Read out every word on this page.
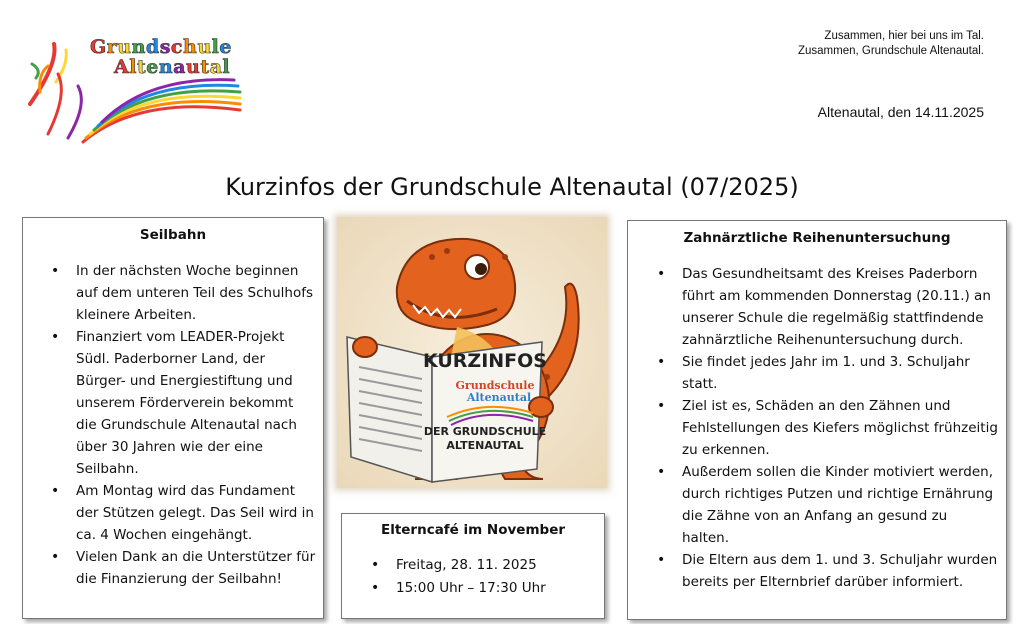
Grundschule
Altenautal
Zusammen, hier bei uns im Tal.
Zusammen, Grundschule Altenautal.
Altenautal, den 14.11.2025
Kurzinfos der Grundschule Altenautal (07/2025)
Seilbahn
• In der nächsten Woche beginnen auf dem unteren Teil des Schulhofs kleinere Arbeiten.
• Finanziert vom LEADER-Projekt Südl. Paderborner Land, der Bürger- und Energiestiftung und unserem Förderverein bekommt die Grundschule Altenautal nach über 30 Jahren wie der eine Seilbahn.
• Am Montag wird das Fundament der Stützen gelegt. Das Seil wird in ca. 4 Wochen eingehängt.
• Vielen Dank an die Unterstützer für die Finanzierung der Seilbahn!
KURZINFOS
Grundschule
Altenautal
DER GRUNDSCHULE
ALTENAUTAL
Elterncafé im November
• Freitag, 28. 11. 2025
• 15:00 Uhr – 17:30 Uhr
Zahnärztliche Reihenuntersuchung
• Das Gesundheitsamt des Kreises Paderborn führt am kommenden Donnerstag (20.11.) an unserer Schule die regelmäßig stattfindende zahnärztliche Reihenuntersuchung durch.
• Sie findet jedes Jahr im 1. und 3. Schuljahr statt.
• Ziel ist es, Schäden an den Zähnen und Fehlstellungen des Kiefers möglichst frühzeitig zu erkennen.
• Außerdem sollen die Kinder motiviert werden, durch richtiges Putzen und richtige Ernährung die Zähne von an Anfang an gesund zu halten.
• Die Eltern aus dem 1. und 3. Schuljahr wurden bereits per Elternbrief darüber informiert.
